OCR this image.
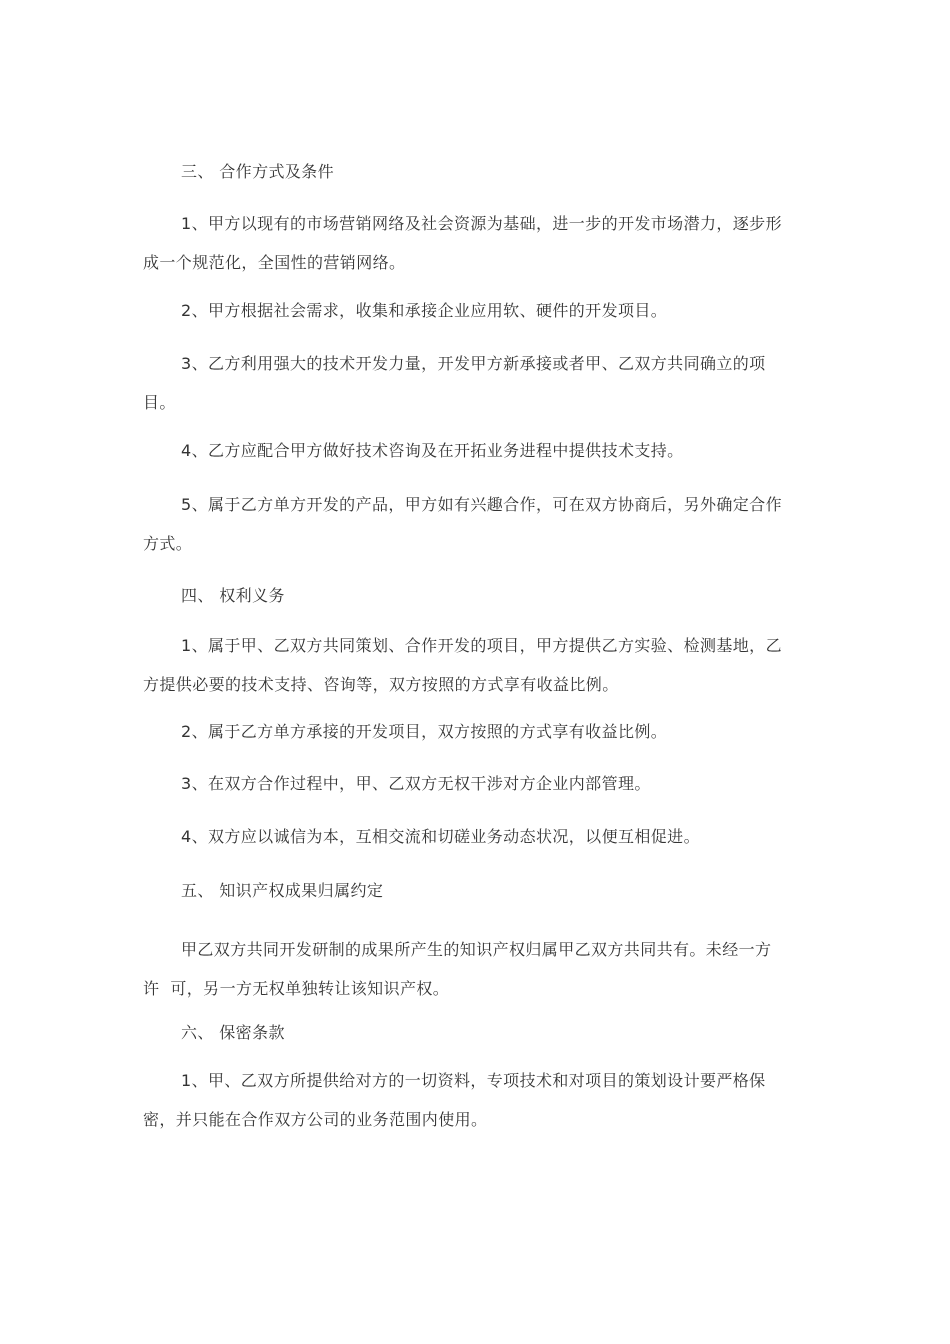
三、 合作方式及条件
1、甲方以现有的市场营销网络及社会资源为基础，进一步的开发市场潜力，逐步形
成一个规范化，全国性的营销网络。
2、甲方根据社会需求，收集和承接企业应用软、硬件的开发项目。
3、乙方利用强大的技术开发力量，开发甲方新承接或者甲、乙双方共同确立的项
目。
4、乙方应配合甲方做好技术咨询及在开拓业务进程中提供技术支持。
5、属于乙方单方开发的产品，甲方如有兴趣合作，可在双方协商后，另外确定合作
方式。
四、 权利义务
1、属于甲、乙双方共同策划、合作开发的项目，甲方提供乙方实验、检测基地，乙
方提供必要的技术支持、咨询等，双方按照的方式享有收益比例。
2、属于乙方单方承接的开发项目，双方按照的方式享有收益比例。
3、在双方合作过程中，甲、乙双方无权干涉对方企业内部管理。
4、双方应以诚信为本，互相交流和切磋业务动态状况，以便互相促进。
五、 知识产权成果归属约定
甲乙双方共同开发研制的成果所产生的知识产权归属甲乙双方共同共有。未经一方
许  可，另一方无权单独转让该知识产权。
六、 保密条款
1、甲、乙双方所提供给对方的一切资料，专项技术和对项目的策划设计要严格保
密，并只能在合作双方公司的业务范围内使用。
